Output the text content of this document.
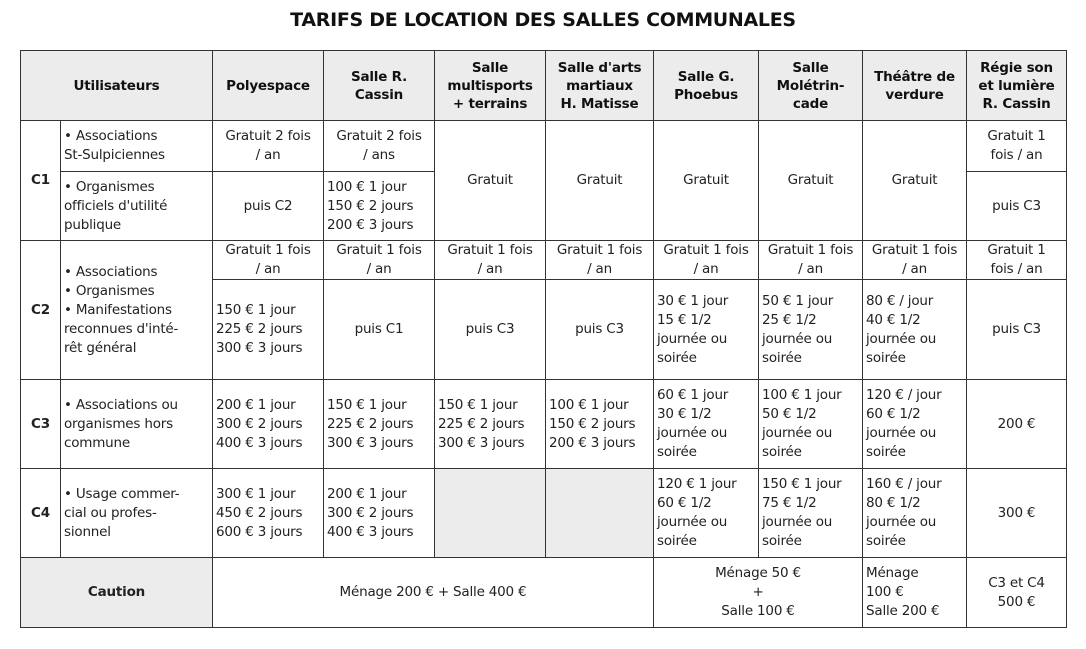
TARIFS DE LOCATION DES SALLES COMMUNALES
Utilisateurs		Polyespace	Salle R.
Cassin	Salle
multisports
+ terrains	Salle d'arts
martiaux
H. Matisse	Salle G.
Phoebus	Salle
Molétrin-
cade	Théâtre de
verdure	Régie son
et lumière
R. Cassin

C1	• Associations
St-Sulpiciennes	Gratuit 2 fois
/ an	Gratuit 2 fois
/ ans	Gratuit	Gratuit	Gratuit	Gratuit	Gratuit	Gratuit 1
fois / an

	• Organismes
officiels d'utilité
publique	puis C2	100 € 1 jour
150 € 2 jours
200 € 3 jours						puis C3

C2	• Associations
• Organismes
• Manifestations
reconnues d'inté-
rêt général	Gratuit 1 fois
/ an	Gratuit 1 fois
/ an	Gratuit 1 fois
/ an	Gratuit 1 fois
/ an	Gratuit 1 fois
/ an	Gratuit 1 fois
/ an	Gratuit 1 fois
/ an	Gratuit 1
fois / an

		150 € 1 jour
225 € 2 jours
300 € 3 jours	puis C1	puis C3	puis C3	30 € 1 jour
15 € 1/2
journée ou
soirée	50 € 1 jour
25 € 1/2
journée ou
soirée	80 € / jour
40 € 1/2
journée ou
soirée	puis C3

C3	• Associations ou
organismes hors
commune	200 € 1 jour
300 € 2 jours
400 € 3 jours	150 € 1 jour
225 € 2 jours
300 € 3 jours	150 € 1 jour
225 € 2 jours
300 € 3 jours	100 € 1 jour
150 € 2 jours
200 € 3 jours	60 € 1 jour
30 € 1/2
journée ou
soirée	100 € 1 jour
50 € 1/2
journée ou
soirée	120 € / jour
60 € 1/2
journée ou
soirée	200 €

C4	• Usage commer-
cial ou profes-
sionnel	300 € 1 jour
450 € 2 jours
600 € 3 jours	200 € 1 jour
300 € 2 jours
400 € 3 jours			120 € 1 jour
60 € 1/2
journée ou
soirée	150 € 1 jour
75 € 1/2
journée ou
soirée	160 € / jour
80 € 1/2
journée ou
soirée	300 €

Caution		Ménage 200 € + Salle 400 €				Ménage 50 €
+
Salle 100 €		Ménage
100 €
Salle 200 €	C3 et C4
500 €
